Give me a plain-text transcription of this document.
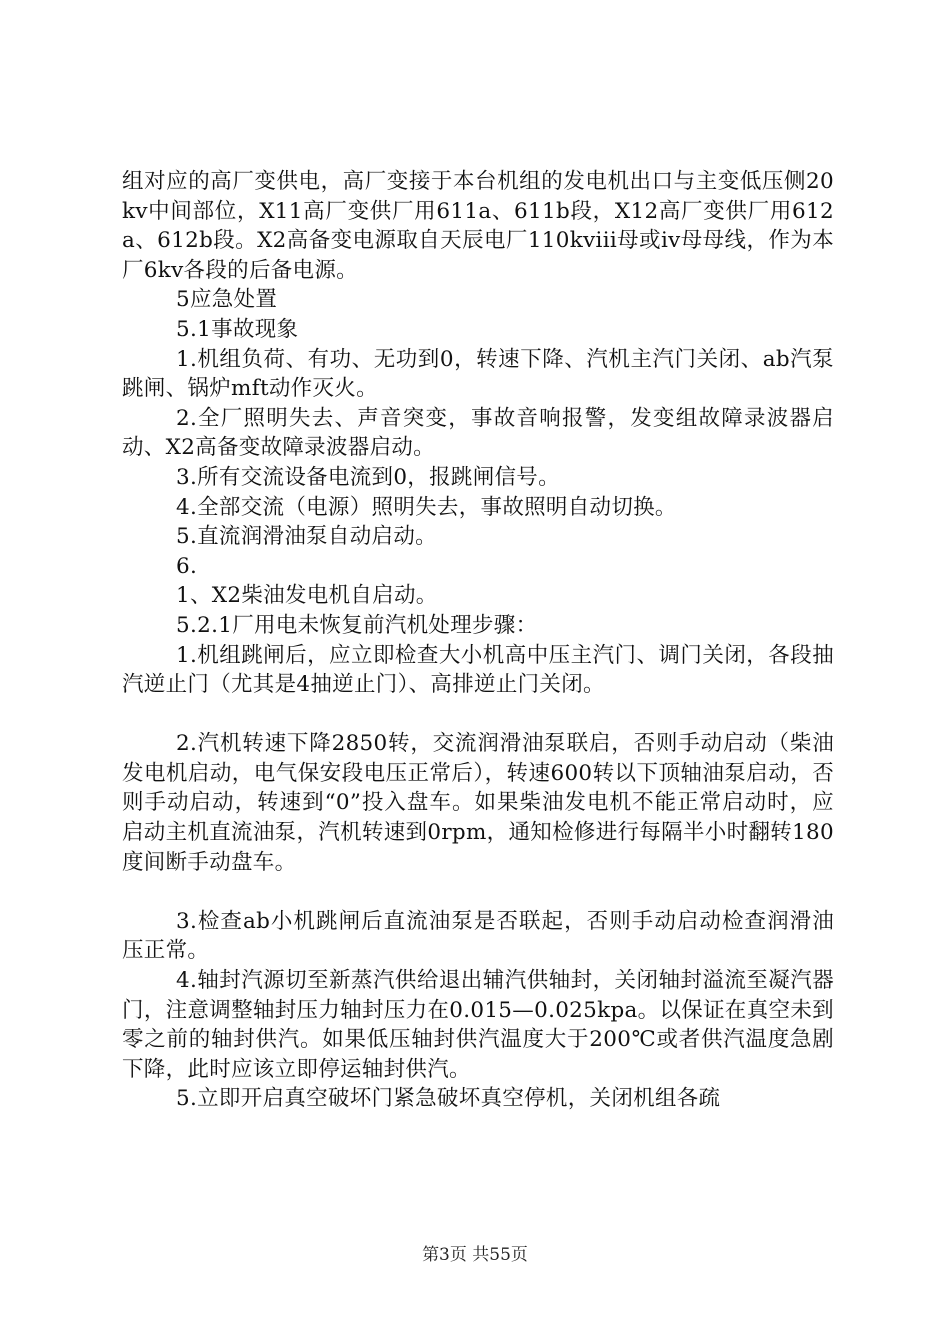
组对应的高厂变供电，高厂变接于本台机组的发电机出口与主变低压侧20kv中间部位，X11高厂变供厂用611a、611b段，X12高厂变供厂用612a、612b段。X2高备变电源取自天辰电厂110kviii母或iv母母线，作为本厂6kv各段的后备电源。

5应急处置

5.1事故现象

1.机组负荷、有功、无功到0，转速下降、汽机主汽门关闭、ab汽泵跳闸、锅炉mft动作灭火。

2.全厂照明失去、声音突变，事故音响报警，发变组故障录波器启动、X2高备变故障录波器启动。

3.所有交流设备电流到0，报跳闸信号。

4.全部交流（电源）照明失去，事故照明自动切换。

5.直流润滑油泵自动启动。

6.

1、X2柴油发电机自启动。

5.2.1厂用电未恢复前汽机处理步骤：

1.机组跳闸后，应立即检查大小机高中压主汽门、调门关闭，各段抽汽逆止门（尤其是4抽逆止门）、高排逆止门关闭。

2.汽机转速下降2850转，交流润滑油泵联启，否则手动启动（柴油发电机启动，电气保安段电压正常后），转速600转以下顶轴油泵启动，否则手动启动，转速到“0”投入盘车。如果柴油发电机不能正常启动时，应启动主机直流油泵，汽机转速到0rpm，通知检修进行每隔半小时翻转180度间断手动盘车。

3.检查ab小机跳闸后直流油泵是否联起，否则手动启动检查润滑油压正常。

4.轴封汽源切至新蒸汽供给退出辅汽供轴封，关闭轴封溢流至凝汽器门，注意调整轴封压力轴封压力在0.015—0.025kpa。以保证在真空未到零之前的轴封供汽。如果低压轴封供汽温度大于200℃或者供汽温度急剧下降，此时应该立即停运轴封供汽。

5.立即开启真空破坏门紧急破坏真空停机，关闭机组各疏

第3页 共55页
